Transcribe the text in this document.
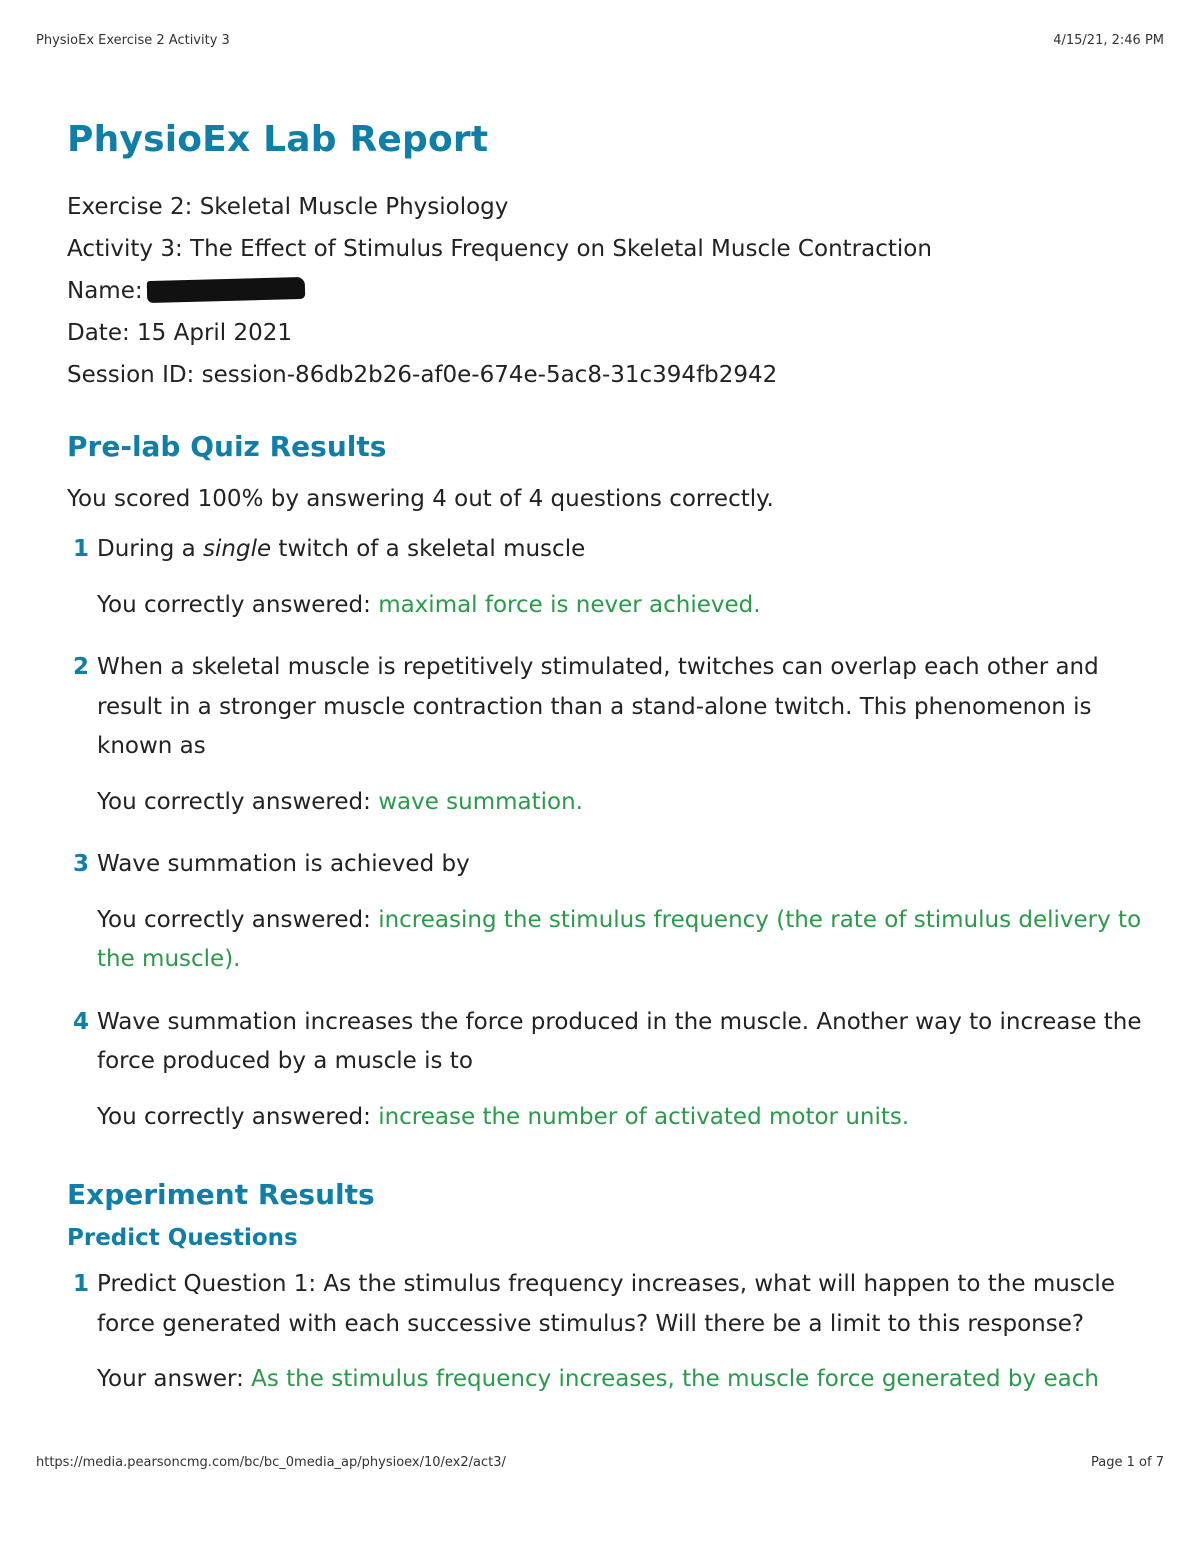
PhysioEx Exercise 2 Activity 3	4/15/21, 2:46 PM
PhysioEx Lab Report
Exercise 2: Skeletal Muscle Physiology
Activity 3: The Effect of Stimulus Frequency on Skeletal Muscle Contraction
Name:
Date: 15 April 2021
Session ID: session-86db2b26-af0e-674e-5ac8-31c394fb2942
Pre-lab Quiz Results
You scored 100% by answering 4 out of 4 questions correctly.
1 During a single twitch of a skeletal muscle
You correctly answered: maximal force is never achieved.
2 When a skeletal muscle is repetitively stimulated, twitches can overlap each other and result in a stronger muscle contraction than a stand-alone twitch. This phenomenon is known as
You correctly answered: wave summation.
3 Wave summation is achieved by
You correctly answered: increasing the stimulus frequency (the rate of stimulus delivery to the muscle).
4 Wave summation increases the force produced in the muscle. Another way to increase the force produced by a muscle is to
You correctly answered: increase the number of activated motor units.
Experiment Results
Predict Questions
1 Predict Question 1: As the stimulus frequency increases, what will happen to the muscle force generated with each successive stimulus? Will there be a limit to this response?
Your answer: As the stimulus frequency increases, the muscle force generated by each
https://media.pearsoncmg.com/bc/bc_0media_ap/physioex/10/ex2/act3/	Page 1 of 7
